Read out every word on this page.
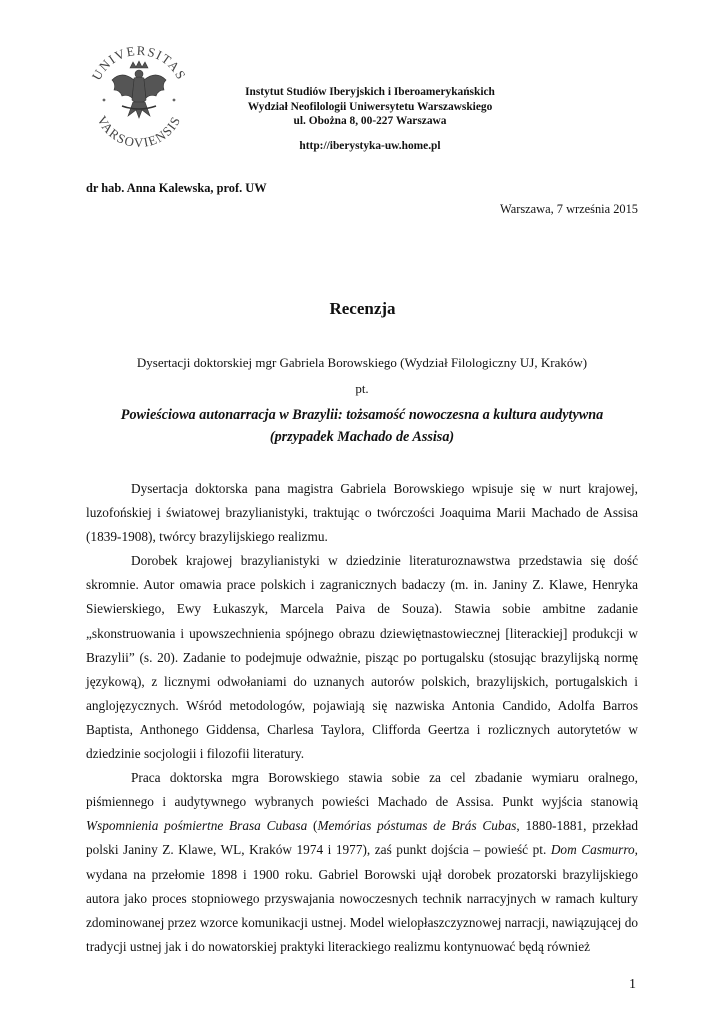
UNIVERSITAS
VARSOVIENSIS
Instytut Studiów Iberyjskich i Iberoamerykańskich
Wydział Neofilologii Uniwersytetu Warszawskiego
ul. Obożna 8, 00-227 Warszawa
http://iberystyka-uw.home.pl
dr hab. Anna Kalewska, prof. UW
Warszawa, 7 września 2015
Recenzja
Dysertacji doktorskiej mgr Gabriela Borowskiego (Wydział Filologiczny UJ, Kraków)
pt.
Powieściowa autonarracja w Brazylii: tożsamość nowoczesna a kultura audytywna
(przypadek Machado de Assisa)

Dysertacja doktorska pana magistra Gabriela Borowskiego wpisuje się w nurt krajowej, luzofońskiej i światowej brazylianistyki, traktując o twórczości Joaquima Marii Machado de Assisa (1839-1908), twórcy brazylijskiego realizmu.

Dorobek krajowej brazylianistyki w dziedzinie literaturoznawstwa przedstawia się dość skromnie. Autor omawia prace polskich i zagranicznych badaczy (m. in. Janiny Z. Klawe, Henryka Siewierskiego, Ewy Łukaszyk, Marcela Paiva de Souza). Stawia sobie ambitne zadanie „skonstruowania i upowszechnienia spójnego obrazu dziewiętnastowiecznej [literackiej] produkcji w Brazylii” (s. 20). Zadanie to podejmuje odważnie, pisząc po portugalsku (stosując brazylijską normę językową), z licznymi odwołaniami do uznanych autorów polskich, brazylijskich, portugalskich i anglojęzycznych. Wśród metodologów, pojawiają się nazwiska Antonia Candido, Adolfa Barros Baptista, Anthonego Giddensa, Charlesa Taylora, Clifforda Geertza i rozlicznych autorytetów w dziedzinie socjologii i filozofii literatury.

Praca doktorska mgra Borowskiego stawia sobie za cel zbadanie wymiaru oralnego, piśmiennego i audytywnego wybranych powieści Machado de Assisa. Punkt wyjścia stanowią Wspomnienia pośmiertne Brasa Cubasa (Memórias póstumas de Brás Cubas, 1880-1881, przekład polski Janiny Z. Klawe, WL, Kraków 1974 i 1977), zaś punkt dojścia – powieść pt. Dom Casmurro, wydana na przełomie 1898 i 1900 roku. Gabriel Borowski ujął dorobek prozatorski brazylijskiego autora jako proces stopniowego przyswajania nowoczesnych technik narracyjnych w ramach kultury zdominowanej przez wzorce komunikacji ustnej. Model wielopłaszczyznowej narracji, nawiązującej do tradycji ustnej jak i do nowatorskiej praktyki literackiego realizmu kontynuować będą również

1
